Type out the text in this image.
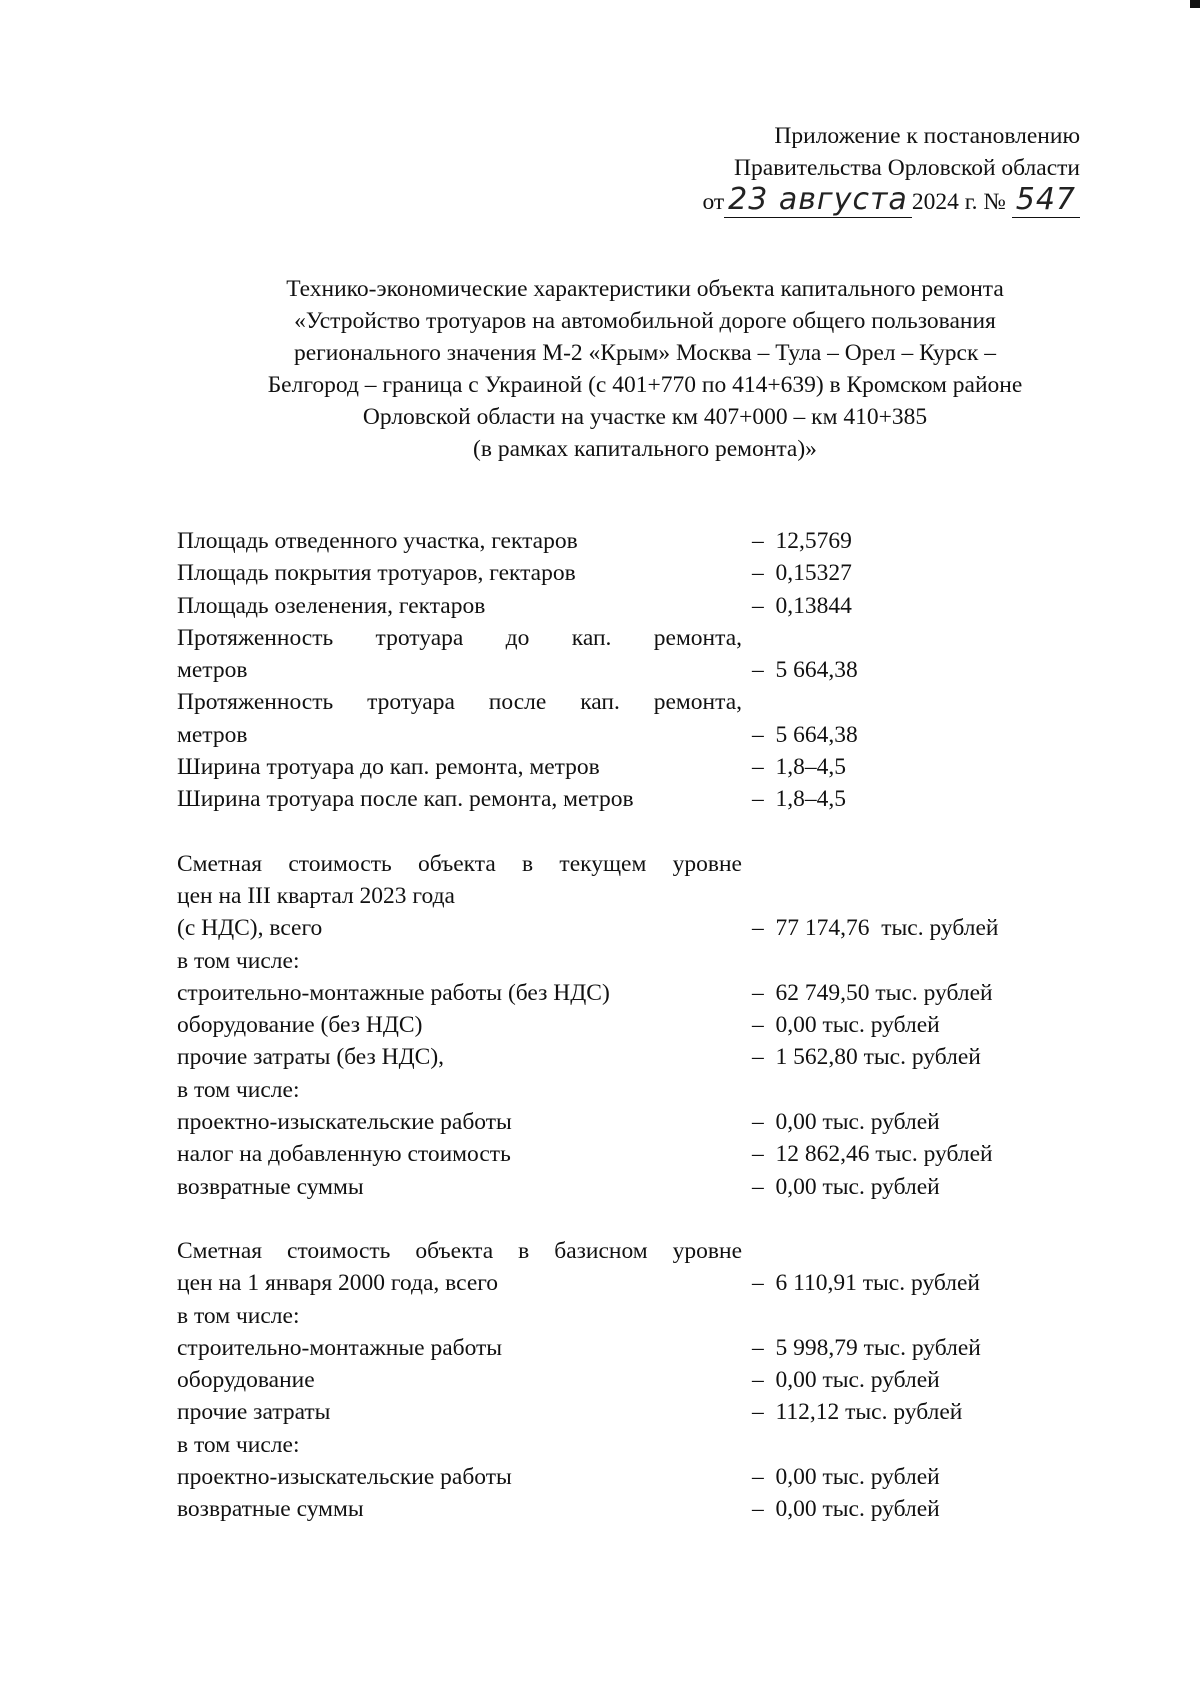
Приложение к постановлению
Правительства Орловской области
от 23 августа 2024 г. № 547
Технико-экономические характеристики объекта капитального ремонта
«Устройство тротуаров на автомобильной дороге общего пользования
регионального значения М-2 «Крым» Москва – Тула – Орел – Курск –
Белгород – граница с Украиной (с 401+770 по 414+639) в Кромском районе
Орловской области на участке км 407+000 – км 410+385
(в рамках капитального ремонта)»
Площадь отведенного участка, гектаров	–  12,5769
Площадь покрытия тротуаров, гектаров	–  0,15327
Площадь озеленения, гектаров	–  0,13844
Протяженность тротуара до кап. ремонта,
метров	–  5 664,38
Протяженность тротуара после кап. ремонта,
метров	–  5 664,38
Ширина тротуара до кап. ремонта, метров	–  1,8–4,5
Ширина тротуара после кап. ремонта, метров	–  1,8–4,5
Сметная стоимость объекта в текущем уровне
цен на III квартал 2023 года
(с НДС), всего	–  77 174,76  тыс. рублей
в том числе:
строительно-монтажные работы (без НДС)	–  62 749,50 тыс. рублей
оборудование (без НДС)	–  0,00 тыс. рублей
прочие затраты (без НДС),	–  1 562,80 тыс. рублей
в том числе:
проектно-изыскательские работы	–  0,00 тыс. рублей
налог на добавленную стоимость	–  12 862,46 тыс. рублей
возвратные суммы	–  0,00 тыс. рублей
Сметная стоимость объекта в базисном уровне
цен на 1 января 2000 года, всего	–  6 110,91 тыс. рублей
в том числе:
строительно-монтажные работы	–  5 998,79 тыс. рублей
оборудование	–  0,00 тыс. рублей
прочие затраты	–  112,12 тыс. рублей
в том числе:
проектно-изыскательские работы	–  0,00 тыс. рублей
возвратные суммы	–  0,00 тыс. рублей
